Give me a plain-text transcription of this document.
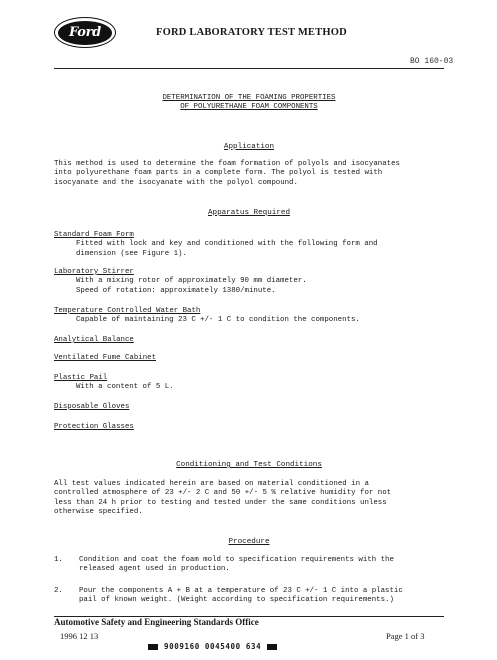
Ford	FORD LABORATORY TEST METHOD
BO 160-03
DETERMINATION OF THE FOAMING PROPERTIES
OF POLYURETHANE FOAM COMPONENTS
Application
This method is used to determine the foam formation of polyols and isocyanates
into polyurethane foam parts in a complete form. The polyol is tested with
isocyanate and the isocyanate with the polyol compound.
Apparatus Required
Standard Foam Form
Fitted with lock and key and conditioned with the following form and
dimension (see Figure 1).
Laboratory Stirrer
With a mixing rotor of approximately 90 mm diameter.
Speed of rotation: approximately 1380/minute.
Temperature Controlled Water Bath
Capable of maintaining 23 C +/- 1 C to condition the components.
Analytical Balance
Ventilated Fume Cabinet
Plastic Pail
With a content of 5 L.
Disposable Gloves
Protection Glasses
Conditioning and Test Conditions
All test values indicated herein are based on material conditioned in a
controlled atmosphere of 23 +/- 2 C and 50 +/- 5 % relative humidity for not
less than 24 h prior to testing and tested under the same conditions unless
otherwise specified.
Procedure
1. Condition and coat the foam mold to specification requirements with the
released agent used in production.
2. Pour the components A + B at a temperature of 23 C +/- 1 C into a plastic
pail of known weight. (Weight according to specification requirements.)
Automotive Safety and Engineering Standards Office
1996 12 13	Page 1 of 3
9009160 0045400 634
